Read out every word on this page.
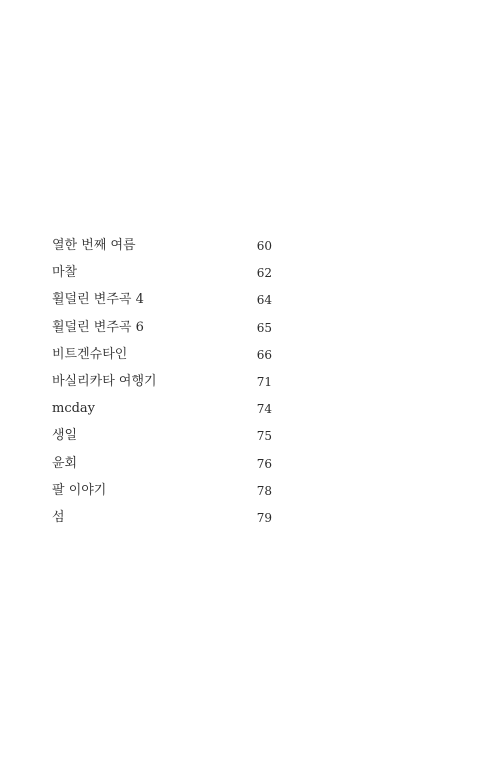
열한 번째 여름	60
마찰	62
휠덜린 변주곡 4	64
휠덜린 변주곡 6	65
비트겐슈타인	66
바실리카타 여행기	71
mcday	74
생일	75
윤회	76
팔 이야기	78
섬	79
